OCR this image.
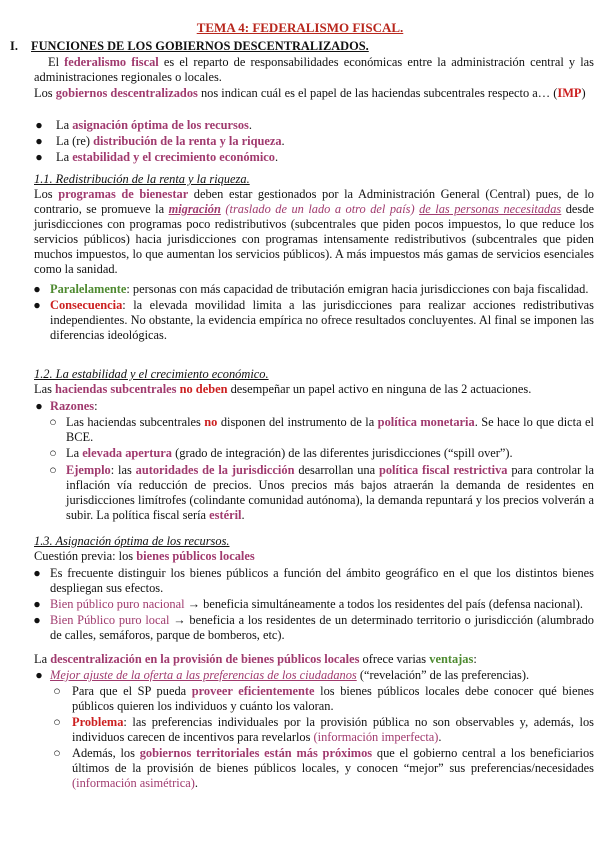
TEMA 4: FEDERALISMO FISCAL.
I. FUNCIONES DE LOS GOBIERNOS DESCENTRALIZADOS.
El federalismo fiscal es el reparto de responsabilidades económicas entre la administración central y las administraciones regionales o locales.
Los gobiernos descentralizados nos indican cuál es el papel de las haciendas subcentrales respecto a… (IMP)
● La asignación óptima de los recursos.
● La (re) distribución de la renta y la riqueza.
● La estabilidad y el crecimiento económico.
1.1. Redistribución de la renta y la riqueza.
Los programas de bienestar deben estar gestionados por la Administración General (Central) pues, de lo contrario, se promueve la migración (traslado de un lado a otro del país) de las personas necesitadas desde jurisdicciones con programas poco redistributivos (subcentrales que piden pocos impuestos, lo que reduce los servicios públicos) hacia jurisdicciones con programas intensamente redistributivos (subcentrales que piden muchos impuestos, lo que aumentan los servicios públicos). A más impuestos más gamas de servicios esenciales como la sanidad.
● Paralelamente: personas con más capacidad de tributación emigran hacia jurisdicciones con baja fiscalidad.
● Consecuencia: la elevada movilidad limita a las jurisdicciones para realizar acciones redistributivas independientes. No obstante, la evidencia empírica no ofrece resultados concluyentes. Al final se imponen las diferencias ideológicas.
1.2. La estabilidad y el crecimiento económico.
Las haciendas subcentrales no deben desempeñar un papel activo en ninguna de las 2 actuaciones.
● Razones:
○ Las haciendas subcentrales no disponen del instrumento de la política monetaria. Se hace lo que dicta el BCE.
○ La elevada apertura (grado de integración) de las diferentes jurisdicciones (“spill over”).
○ Ejemplo: las autoridades de la jurisdicción desarrollan una política fiscal restrictiva para controlar la inflación vía reducción de precios. Unos precios más bajos atraerán la demanda de residentes en jurisdicciones limítrofes (colindante comunidad autónoma), la demanda repuntará y los precios volverán a subir. La política fiscal sería estéril.
1.3. Asignación óptima de los recursos.
Cuestión previa: los bienes públicos locales
● Es frecuente distinguir los bienes públicos a función del ámbito geográfico en el que los distintos bienes despliegan sus efectos.
● Bien público puro nacional → beneficia simultáneamente a todos los residentes del país (defensa nacional).
● Bien Público puro local → beneficia a los residentes de un determinado territorio o jurisdicción (alumbrado de calles, semáforos, parque de bomberos, etc).
La descentralización en la provisión de bienes públicos locales ofrece varias ventajas:
● Mejor ajuste de la oferta a las preferencias de los ciudadanos (“revelación” de las preferencias).
○ Para que el SP pueda proveer eficientemente los bienes públicos locales debe conocer qué bienes públicos quieren los individuos y cuánto los valoran.
○ Problema: las preferencias individuales por la provisión pública no son observables y, además, los individuos carecen de incentivos para revelarlos (información imperfecta).
○ Además, los gobiernos territoriales están más próximos que el gobierno central a los beneficiarios últimos de la provisión de bienes públicos locales, y conocen “mejor” sus preferencias/necesidades (información asimétrica).
